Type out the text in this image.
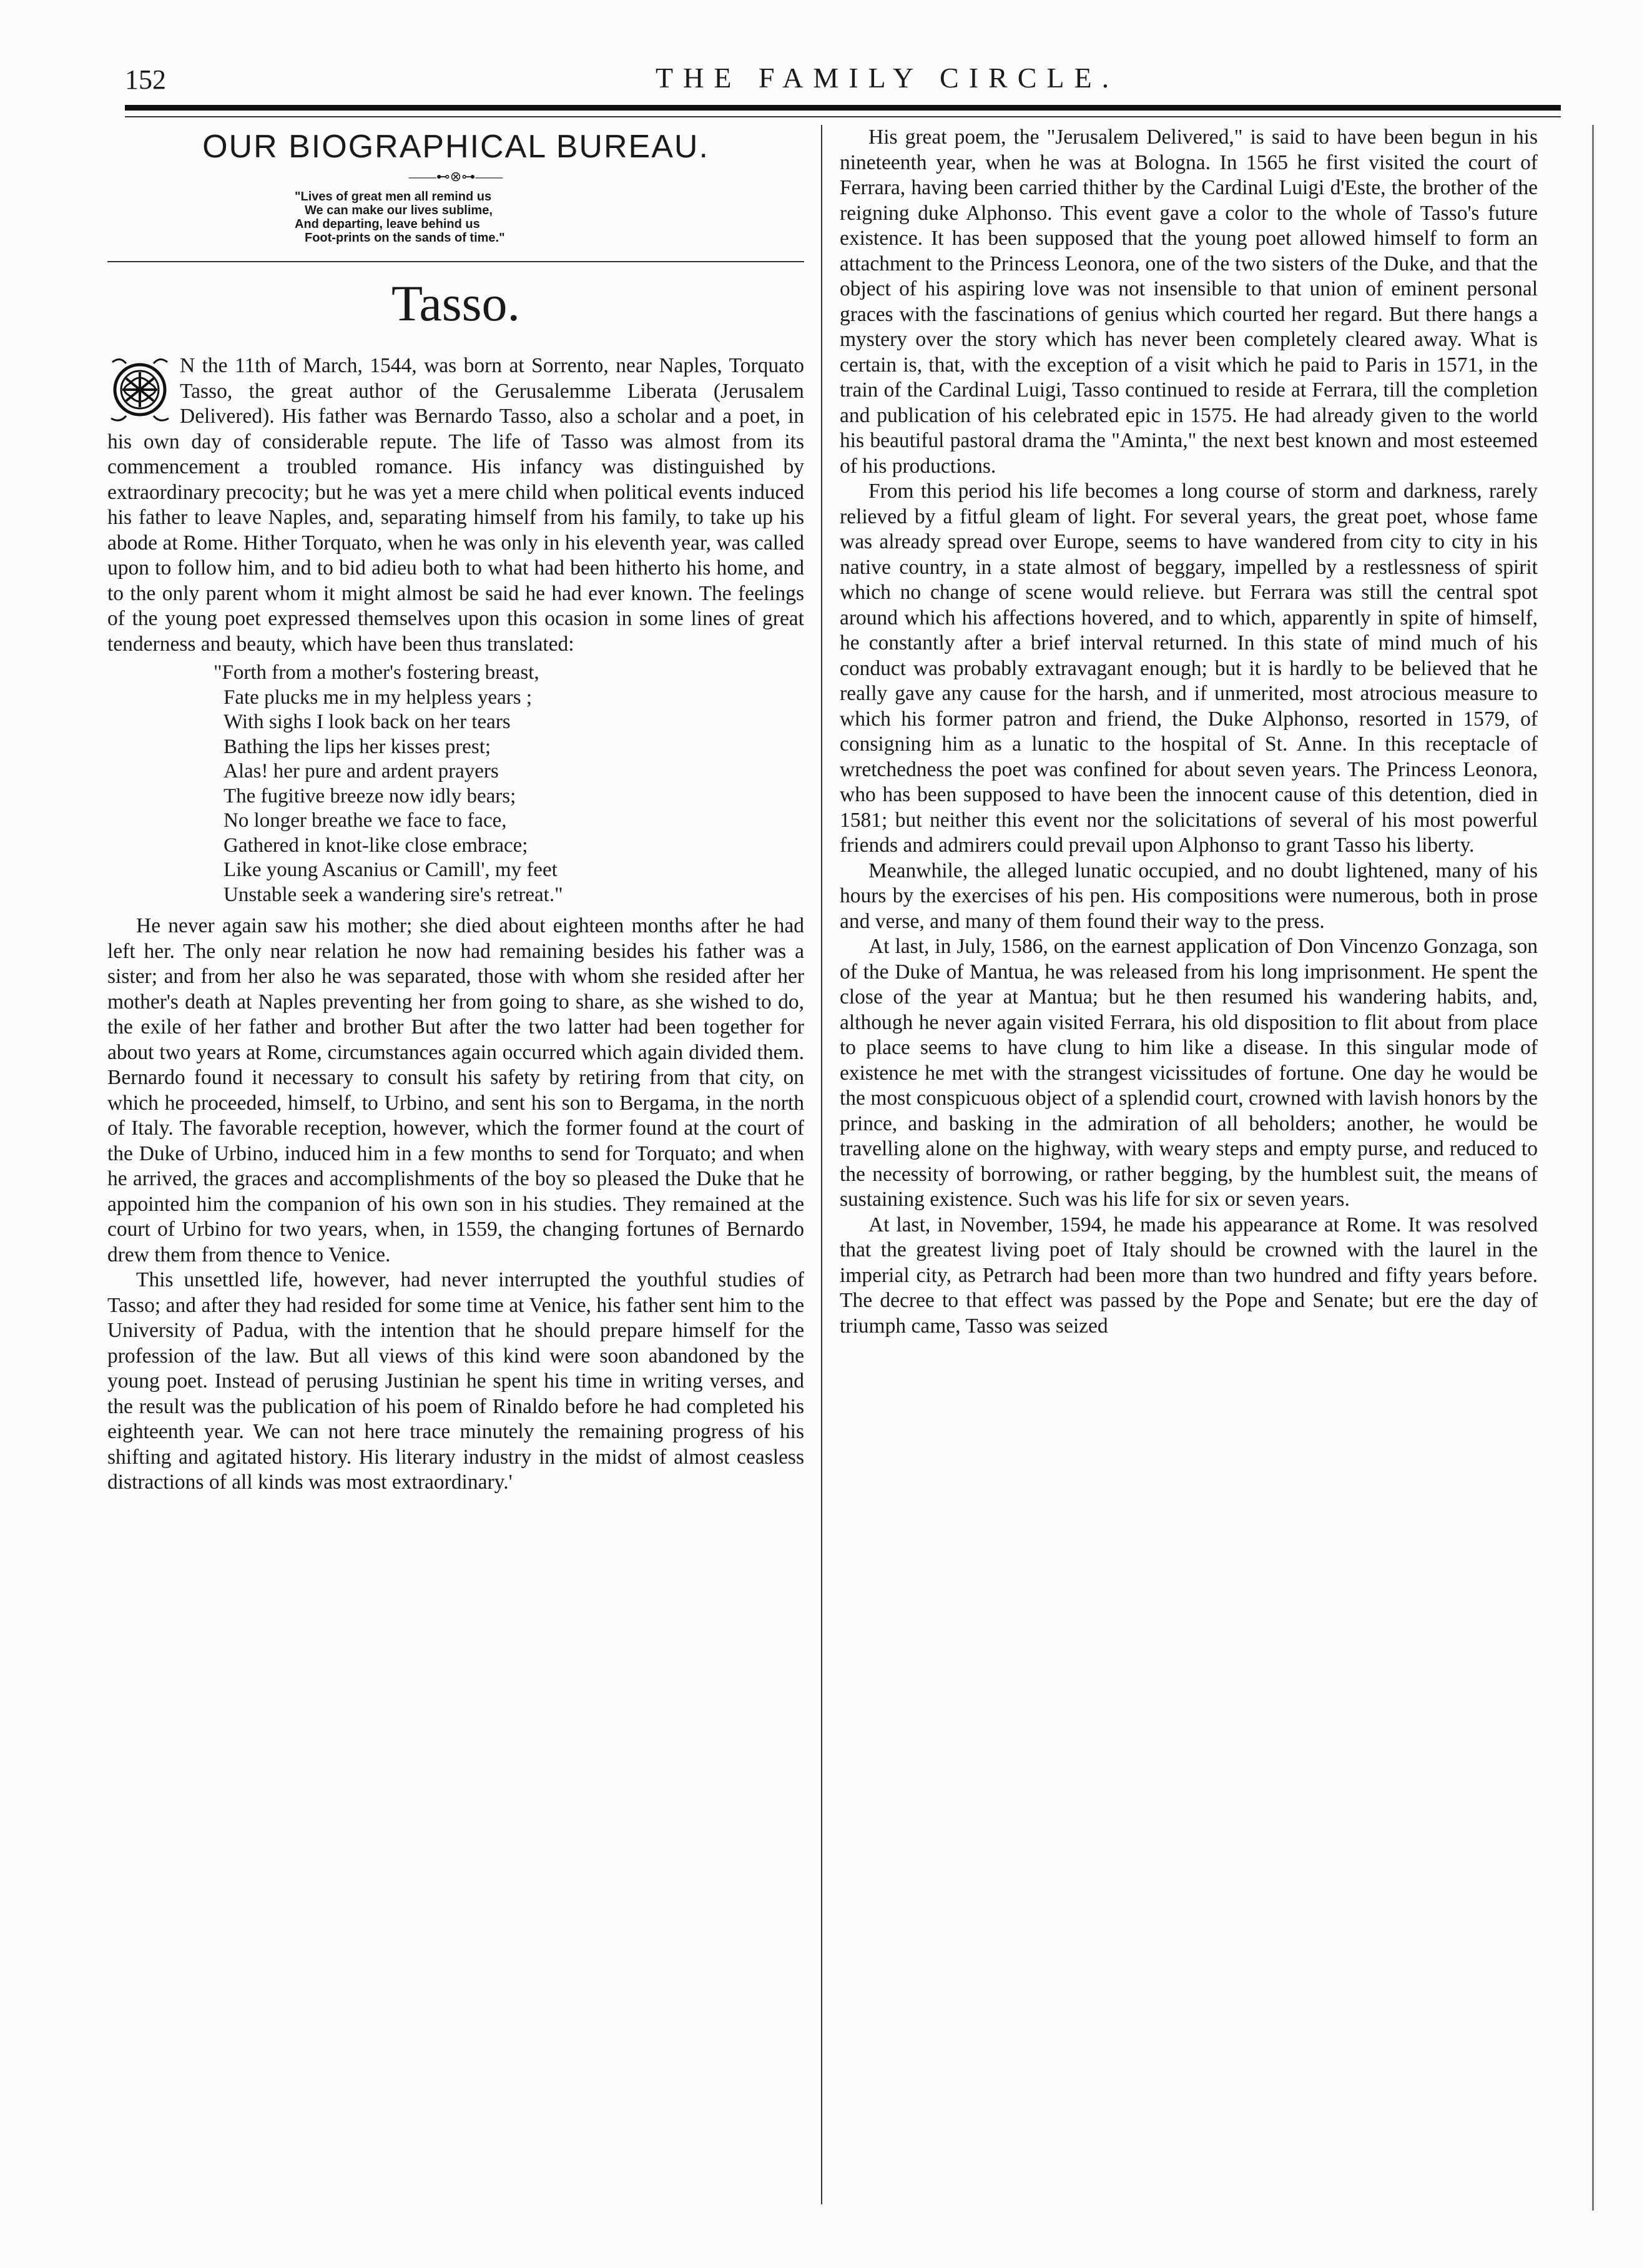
152	THE FAMILY CIRCLE.
OUR BIOGRAPHICAL BUREAU.
——⊷⊗⊶——
"Lives of great men all remind us
We can make our lives sublime,
And departing, leave behind us
Foot-prints on the sands of time."
Tasso.

N the 11th of March, 1544, was born at Sorrento, near Naples, Torquato Tasso, the great author of the Gerusalemme Liberata (Jerusalem Delivered). His father was Bernardo Tasso, also a scholar and a poet, in his own day of considerable repute. The life of Tasso was almost from its commencement a troubled romance. His infancy was distinguished by extraordinary precocity; but he was yet a mere child when political events induced his father to leave Naples, and, separating himself from his family, to take up his abode at Rome. Hither Torquato, when he was only in his eleventh year, was called upon to follow him, and to bid adieu both to what had been hitherto his home, and to the only parent whom it might almost be said he had ever known. The feelings of the young poet expressed themselves upon this ocasion in some lines of great tenderness and beauty, which have been thus translated:

"Forth from a mother's fostering breast,
Fate plucks me in my helpless years ;
With sighs I look back on her tears
Bathing the lips her kisses prest;
Alas! her pure and ardent prayers
The fugitive breeze now idly bears;
No longer breathe we face to face,
Gathered in knot-like close embrace;
Like young Ascanius or Camill', my feet
Unstable seek a wandering sire's retreat."

He never again saw his mother; she died about eighteen months after he had left her. The only near relation he now had remaining besides his father was a sister; and from her also he was separated, those with whom she resided after her mother's death at Naples preventing her from going to share, as she wished to do, the exile of her father and brother But after the two latter had been together for about two years at Rome, circumstances again occurred which again divided them. Bernardo found it necessary to consult his safety by retiring from that city, on which he proceeded, himself, to Urbino, and sent his son to Bergama, in the north of Italy. The favorable reception, however, which the former found at the court of the Duke of Urbino, induced him in a few months to send for Torquato; and when he arrived, the graces and accomplishments of the boy so pleased the Duke that he appointed him the companion of his own son in his studies. They remained at the court of Urbino for two years, when, in 1559, the changing fortunes of Bernardo drew them from thence to Venice.

This unsettled life, however, had never interrupted the youthful studies of Tasso; and after they had resided for some time at Venice, his father sent him to the University of Padua, with the intention that he should prepare himself for the profession of the law. But all views of this kind were soon abandoned by the young poet. Instead of perusing Justinian he spent his time in writing verses, and the result was the publication of his poem of Rinaldo before he had completed his eighteenth year. We can not here trace minutely the remaining progress of his shifting and agitated history. His literary industry in the midst of almost ceasless distractions of all kinds was most extraordinary.'

His great poem, the "Jerusalem Delivered," is said to have been begun in his nineteenth year, when he was at Bologna. In 1565 he first visited the court of Ferrara, having been carried thither by the Cardinal Luigi d'Este, the brother of the reigning duke Alphonso. This event gave a color to the whole of Tasso's future existence. It has been supposed that the young poet allowed himself to form an attachment to the Princess Leonora, one of the two sisters of the Duke, and that the object of his aspiring love was not insensible to that union of eminent personal graces with the fascinations of genius which courted her regard. But there hangs a mystery over the story which has never been completely cleared away. What is certain is, that, with the exception of a visit which he paid to Paris in 1571, in the train of the Cardinal Luigi, Tasso continued to reside at Ferrara, till the completion and publication of his celebrated epic in 1575. He had already given to the world his beautiful pastoral drama the "Aminta," the next best known and most esteemed of his productions.

From this period his life becomes a long course of storm and darkness, rarely relieved by a fitful gleam of light. For several years, the great poet, whose fame was already spread over Europe, seems to have wandered from city to city in his native country, in a state almost of beggary, impelled by a restlessness of spirit which no change of scene would relieve. but Ferrara was still the central spot around which his affections hovered, and to which, apparently in spite of himself, he constantly after a brief interval returned. In this state of mind much of his conduct was probably extravagant enough; but it is hardly to be believed that he really gave any cause for the harsh, and if unmerited, most atrocious measure to which his former patron and friend, the Duke Alphonso, resorted in 1579, of consigning him as a lunatic to the hospital of St. Anne. In this receptacle of wretchedness the poet was confined for about seven years. The Princess Leonora, who has been supposed to have been the innocent cause of this detention, died in 1581; but neither this event nor the solicitations of several of his most powerful friends and admirers could prevail upon Alphonso to grant Tasso his liberty.

Meanwhile, the alleged lunatic occupied, and no doubt lightened, many of his hours by the exercises of his pen. His compositions were numerous, both in prose and verse, and many of them found their way to the press.

At last, in July, 1586, on the earnest application of Don Vincenzo Gonzaga, son of the Duke of Mantua, he was released from his long imprisonment. He spent the close of the year at Mantua; but he then resumed his wandering habits, and, although he never again visited Ferrara, his old disposition to flit about from place to place seems to have clung to him like a disease. In this singular mode of existence he met with the strangest vicissitudes of fortune. One day he would be the most conspicuous object of a splendid court, crowned with lavish honors by the prince, and basking in the admiration of all beholders; another, he would be travelling alone on the highway, with weary steps and empty purse, and reduced to the necessity of borrowing, or rather begging, by the humblest suit, the means of sustaining existence. Such was his life for six or seven years.

At last, in November, 1594, he made his appearance at Rome. It was resolved that the greatest living poet of Italy should be crowned with the laurel in the imperial city, as Petrarch had been more than two hundred and fifty years before. The decree to that effect was passed by the Pope and Senate; but ere the day of triumph came, Tasso was seized
